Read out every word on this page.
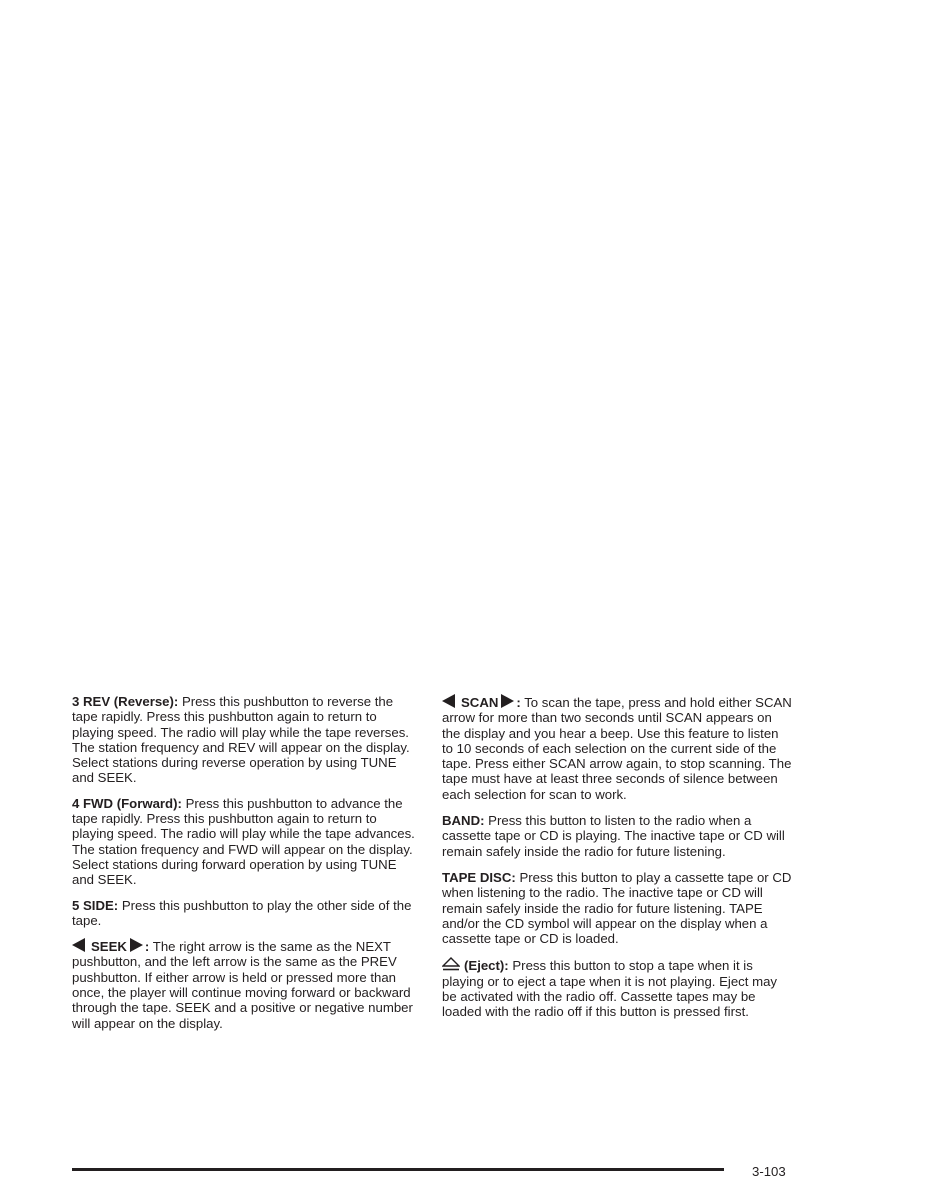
3 REV (Reverse): Press this pushbutton to reverse the tape rapidly. Press this pushbutton again to return to playing speed. The radio will play while the tape reverses. The station frequency and REV will appear on the display. Select stations during reverse operation by using TUNE and SEEK.

4 FWD (Forward): Press this pushbutton to advance the tape rapidly. Press this pushbutton again to return to playing speed. The radio will play while the tape advances. The station frequency and FWD will appear on the display. Select stations during forward operation by using TUNE and SEEK.

5 SIDE: Press this pushbutton to play the other side of the tape.

SEEK : The right arrow is the same as the NEXT pushbutton, and the left arrow is the same as the PREV pushbutton. If either arrow is held or pressed more than once, the player will continue moving forward or backward through the tape. SEEK and a positive or negative number will appear on the display.

SCAN : To scan the tape, press and hold either SCAN arrow for more than two seconds until SCAN appears on the display and you hear a beep. Use this feature to listen to 10 seconds of each selection on the current side of the tape. Press either SCAN arrow again, to stop scanning. The tape must have at least three seconds of silence between each selection for scan to work.

BAND: Press this button to listen to the radio when a cassette tape or CD is playing. The inactive tape or CD will remain safely inside the radio for future listening.

TAPE DISC: Press this button to play a cassette tape or CD when listening to the radio. The inactive tape or CD will remain safely inside the radio for future listening. TAPE and/or the CD symbol will appear on the display when a cassette tape or CD is loaded.

(Eject): Press this button to stop a tape when it is playing or to eject a tape when it is not playing. Eject may be activated with the radio off. Cassette tapes may be loaded with the radio off if this button is pressed first.

3-103
